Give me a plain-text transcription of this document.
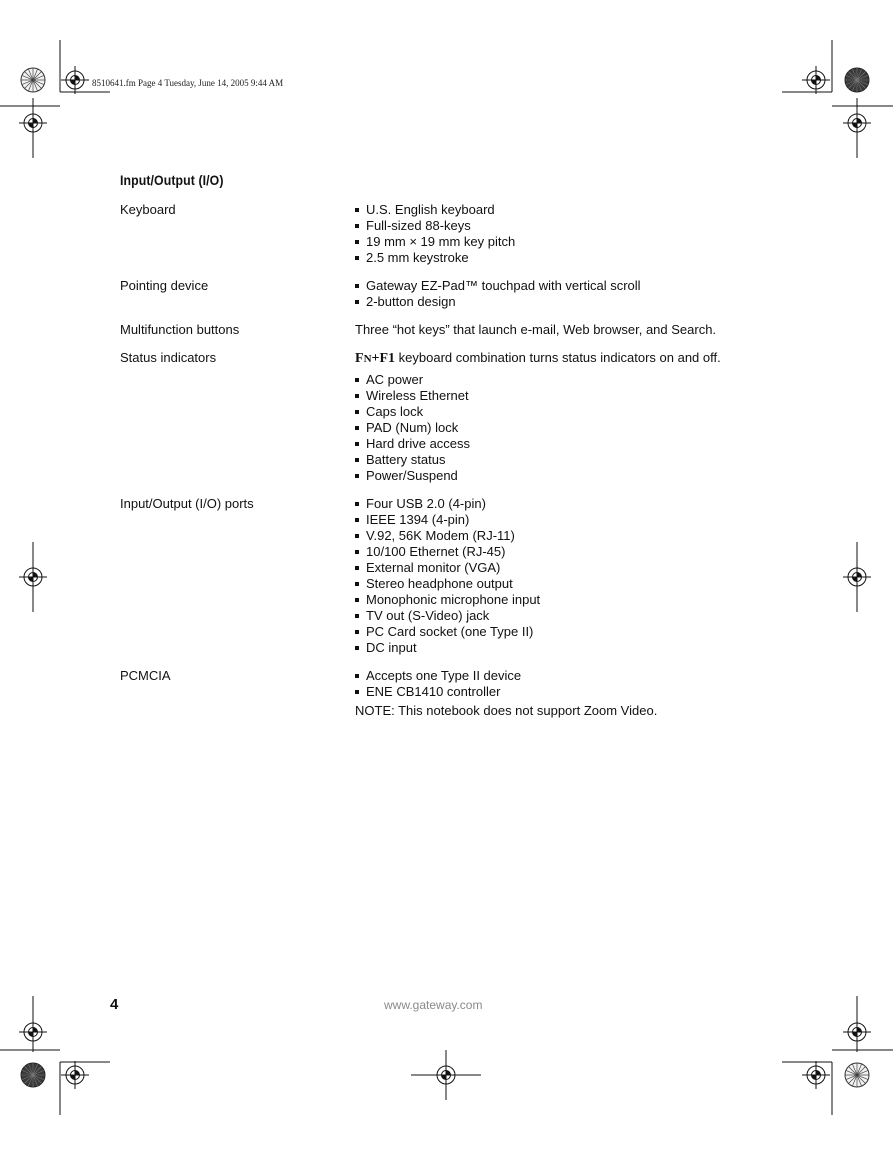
8510641.fm Page 4 Tuesday, June 14, 2005 9:44 AM
Input/Output (I/O)
Keyboard	U.S. English keyboard
Full-sized 88-keys
19 mm × 19 mm key pitch
2.5 mm keystroke
Pointing device	Gateway EZ-Pad™ touchpad with vertical scroll
2-button design
Multifunction buttons	Three “hot keys” that launch e-mail, Web browser, and Search.
Status indicators	FN+F1 keyboard combination turns status indicators on and off.
AC power
Wireless Ethernet
Caps lock
PAD (Num) lock
Hard drive access
Battery status
Power/Suspend
Input/Output (I/O) ports	Four USB 2.0 (4-pin)
IEEE 1394 (4-pin)
V.92, 56K Modem (RJ-11)
10/100 Ethernet (RJ-45)
External monitor (VGA)
Stereo headphone output
Monophonic microphone input
TV out (S-Video) jack
PC Card socket (one Type II)
DC input
PCMCIA	Accepts one Type II device
ENE CB1410 controller
NOTE: This notebook does not support Zoom Video.
4	www.gateway.com
